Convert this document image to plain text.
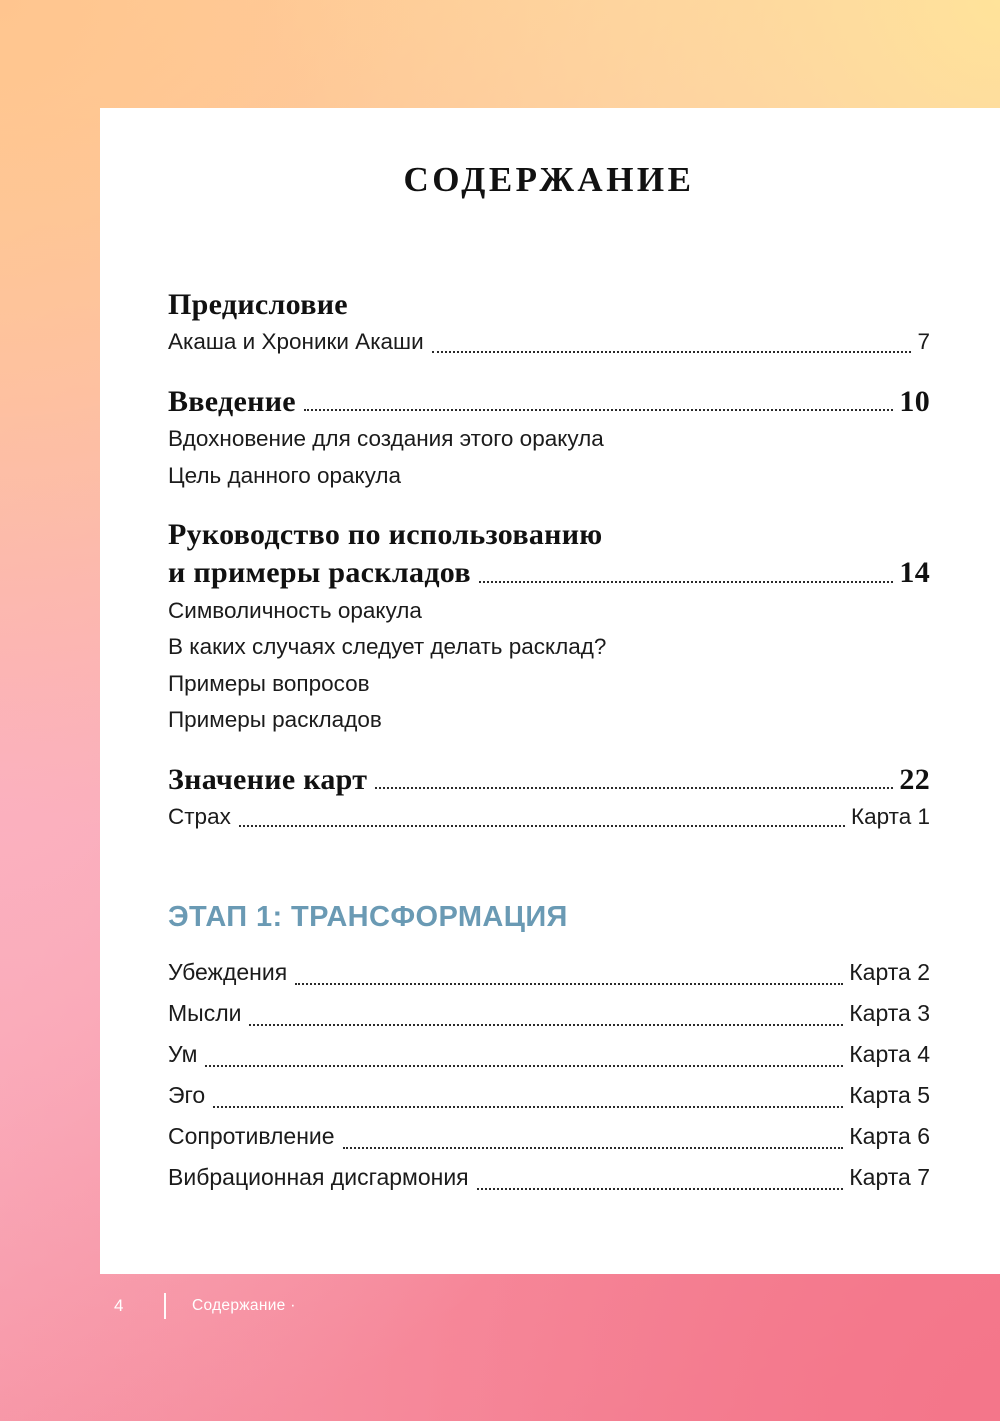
СОДЕРЖАНИЕ
Предисловие
Акаша и Хроники Акаши	7
Введение	10
Вдохновение для создания этого оракула
Цель данного оракула
Руководство по использованию
и примеры раскладов	14
Символичность оракула
В каких случаях следует делать расклад?
Примеры вопросов
Примеры раскладов
Значение карт	22
Страх	Карта 1
ЭТАП 1: ТРАНСФОРМАЦИЯ
Убеждения	Карта 2
Мысли	Карта 3
Ум	Карта 4
Эго	Карта 5
Сопротивление	Карта 6
Вибрационная дисгармония	Карта 7
4	Содержание ·
